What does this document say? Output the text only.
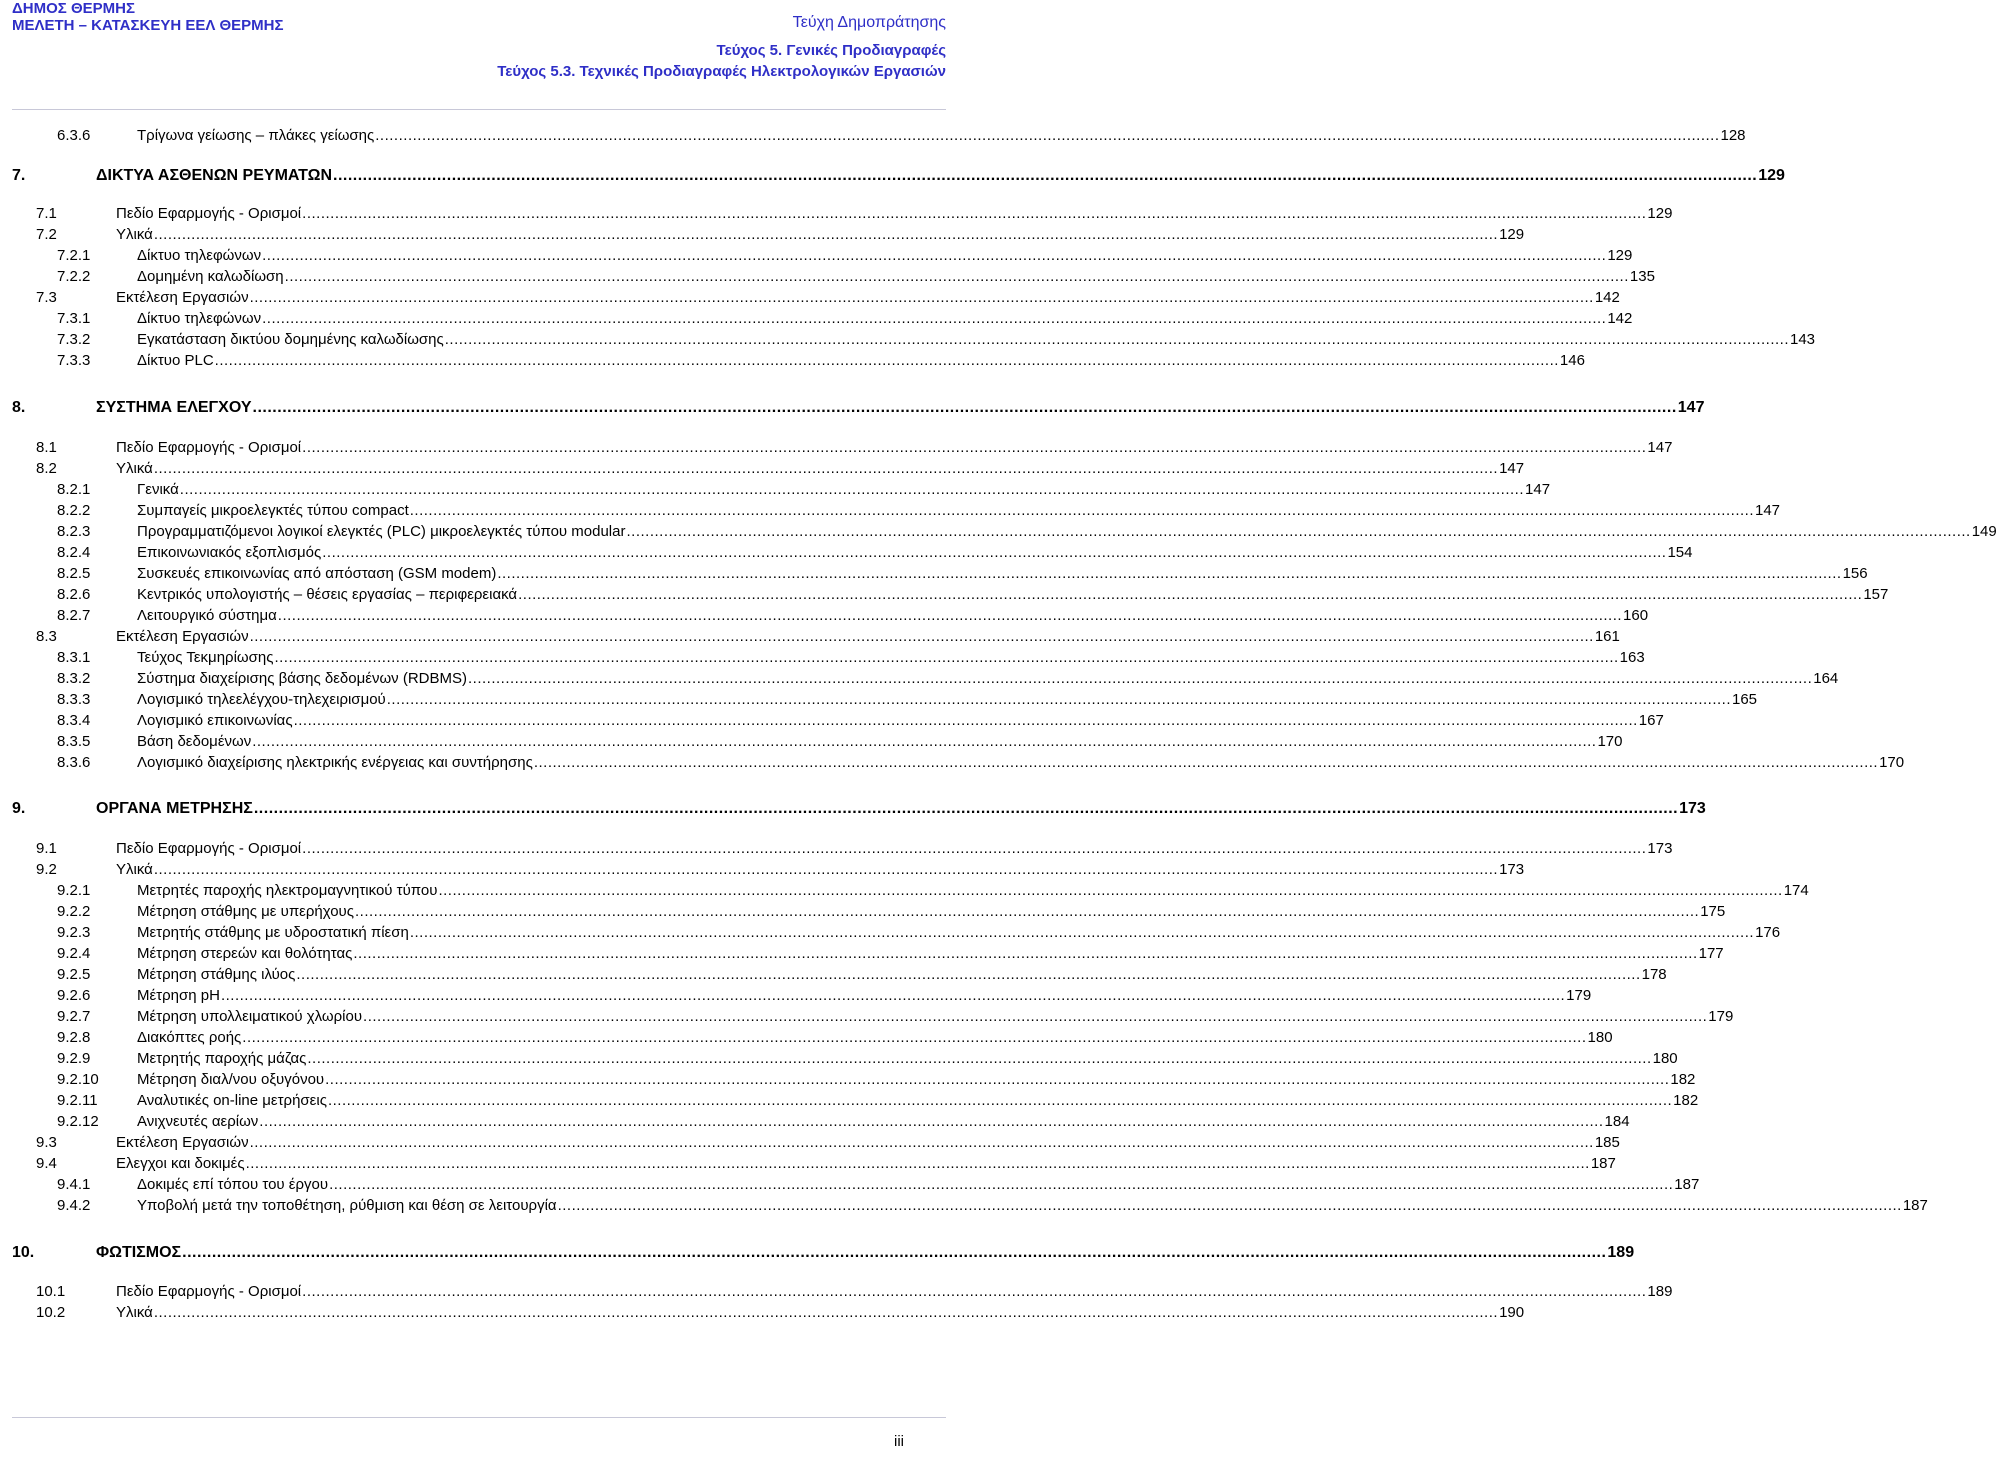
ΔΗΜΟΣ ΘΕΡΜΗΣ
ΜΕΛΕΤΗ – ΚΑΤΑΣΚΕΥΗ ΕΕΛ ΘΕΡΜΗΣ	Τεύχη Δημοπράτησης
Τεύχος 5. Γενικές Προδιαγραφές
Τεύχος 5.3. Τεχνικές Προδιαγραφές Ηλεκτρολογικών Εργασιών
6.3.6	Τρίγωνα γείωσης – πλάκες γείωσης .....	128
7.	ΔΙΚΤΥΑ ΑΣΘΕΝΩΝ ΡΕΥΜΑΤΩΝ .....	129
7.1	Πεδίο Εφαρμογής - Ορισμοί .....	129
7.2	Υλικά .....	129
7.2.1	Δίκτυο τηλεφώνων .....	129
7.2.2	Δομημένη καλωδίωση .....	135
7.3	Εκτέλεση Εργασιών .....	142
7.3.1	Δίκτυο τηλεφώνων .....	142
7.3.2	Εγκατάσταση δικτύου δομημένης καλωδίωσης .....	143
7.3.3	Δίκτυο PLC .....	146
8.	ΣΥΣΤΗΜΑ ΕΛΕΓΧΟΥ .....	147
8.1	Πεδίο Εφαρμογής - Ορισμοί .....	147
8.2	Υλικά .....	147
8.2.1	Γενικά .....	147
8.2.2	Συμπαγείς μικροελεγκτές τύπου compact .....	147
8.2.3	Προγραμματιζόμενοι λογικοί ελεγκτές (PLC) μικροελεγκτές τύπου modular .....	149
8.2.4	Επικοινωνιακός εξοπλισμός .....	154
8.2.5	Συσκευές επικοινωνίας από απόσταση (GSM modem) .....	156
8.2.6	Κεντρικός υπολογιστής – θέσεις εργασίας – περιφερειακά .....	157
8.2.7	Λειτουργικό σύστημα .....	160
8.3	Εκτέλεση Εργασιών .....	161
8.3.1	Τεύχος Τεκμηρίωσης .....	163
8.3.2	Σύστημα διαχείρισης βάσης δεδομένων (RDBMS) .....	164
8.3.3	Λογισμικό τηλεελέγχου-τηλεχειρισμού .....	165
8.3.4	Λογισμικό επικοινωνίας .....	167
8.3.5	Βάση δεδομένων .....	170
8.3.6	Λογισμικό διαχείρισης ηλεκτρικής ενέργειας και συντήρησης .....	170
9.	ΟΡΓΑΝΑ ΜΕΤΡΗΣΗΣ .....	173
9.1	Πεδίο Εφαρμογής - Ορισμοί .....	173
9.2	Υλικά .....	173
9.2.1	Μετρητές παροχής ηλεκτρομαγνητικού τύπου .....	174
9.2.2	Μέτρηση στάθμης με υπερήχους .....	175
9.2.3	Μετρητής στάθμης με υδροστατική πίεση .....	176
9.2.4	Μέτρηση στερεών και θολότητας .....	177
9.2.5	Μέτρηση στάθμης ιλύος .....	178
9.2.6	Μέτρηση pH .....	179
9.2.7	Μέτρηση υπολλειματικού χλωρίου .....	179
9.2.8	Διακόπτες ροής .....	180
9.2.9	Μετρητής παροχής μάζας .....	180
9.2.10	Μέτρηση διαλ/νου οξυγόνου .....	182
9.2.11	Αναλυτικές on-line μετρήσεις .....	182
9.2.12	Ανιχνευτές αερίων .....	184
9.3	Εκτέλεση Εργασιών .....	185
9.4	Ελεγχοι και δοκιμές .....	187
9.4.1	Δοκιμές επί τόπου του έργου .....	187
9.4.2	Υποβολή μετά την τοποθέτηση, ρύθμιση και θέση σε λειτουργία .....	187
10.	ΦΩΤΙΣΜΟΣ .....	189
10.1	Πεδίο Εφαρμογής - Ορισμοί .....	189
10.2	Υλικά .....	190
iii
